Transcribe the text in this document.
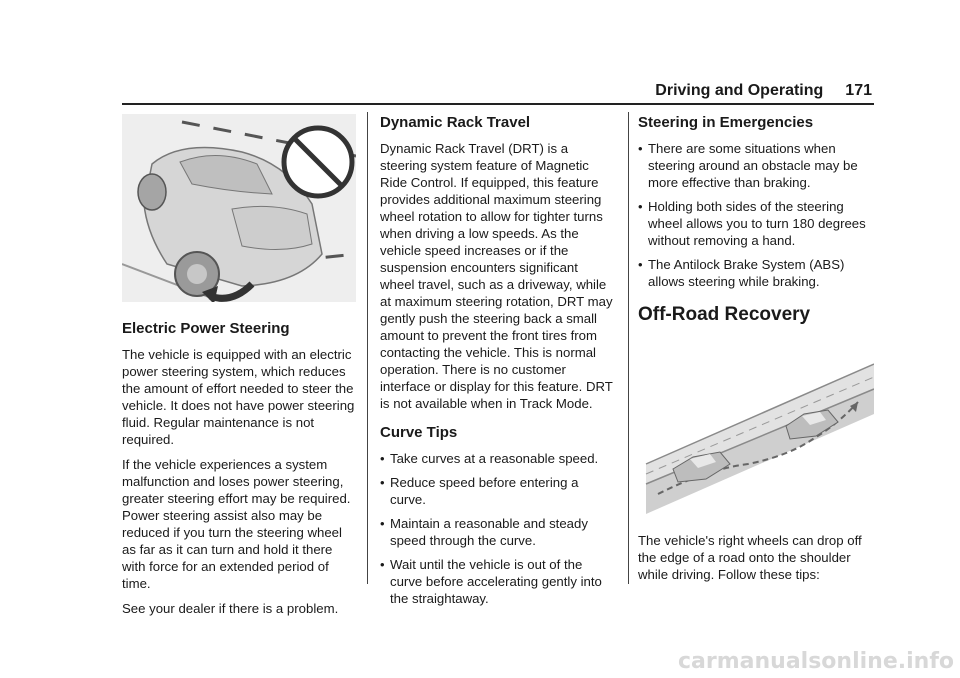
Driving and Operating 171
Electric Power Steering

The vehicle is equipped with an electric power steering system, which reduces the amount of effort needed to steer the vehicle. It does not have power steering fluid. Regular maintenance is not required.

If the vehicle experiences a system malfunction and loses power steering, greater steering effort may be required. Power steering assist also may be reduced if you turn the steering wheel as far as it can turn and hold it there with force for an extended period of time.

See your dealer if there is a problem.

Dynamic Rack Travel

Dynamic Rack Travel (DRT) is a steering system feature of Magnetic Ride Control. If equipped, this feature provides additional maximum steering wheel rotation to allow for tighter turns when driving a low speeds. As the vehicle speed increases or if the suspension encounters significant wheel travel, such as a driveway, while at maximum steering rotation, DRT may gently push the steering back a small amount to prevent the front tires from contacting the vehicle. This is normal operation. There is no customer interface or display for this feature. DRT is not available when in Track Mode.

Curve Tips
• Take curves at a reasonable speed.
• Reduce speed before entering a curve.
• Maintain a reasonable and steady speed through the curve.
• Wait until the vehicle is out of the curve before accelerating gently into the straightaway.
Steering in Emergencies
• There are some situations when steering around an obstacle may be more effective than braking.
• Holding both sides of the steering wheel allows you to turn 180 degrees without removing a hand.
• The Antilock Brake System (ABS) allows steering while braking.
Off-Road Recovery

The vehicle's right wheels can drop off the edge of a road onto the shoulder while driving. Follow these tips:

carmanualsonline.info
